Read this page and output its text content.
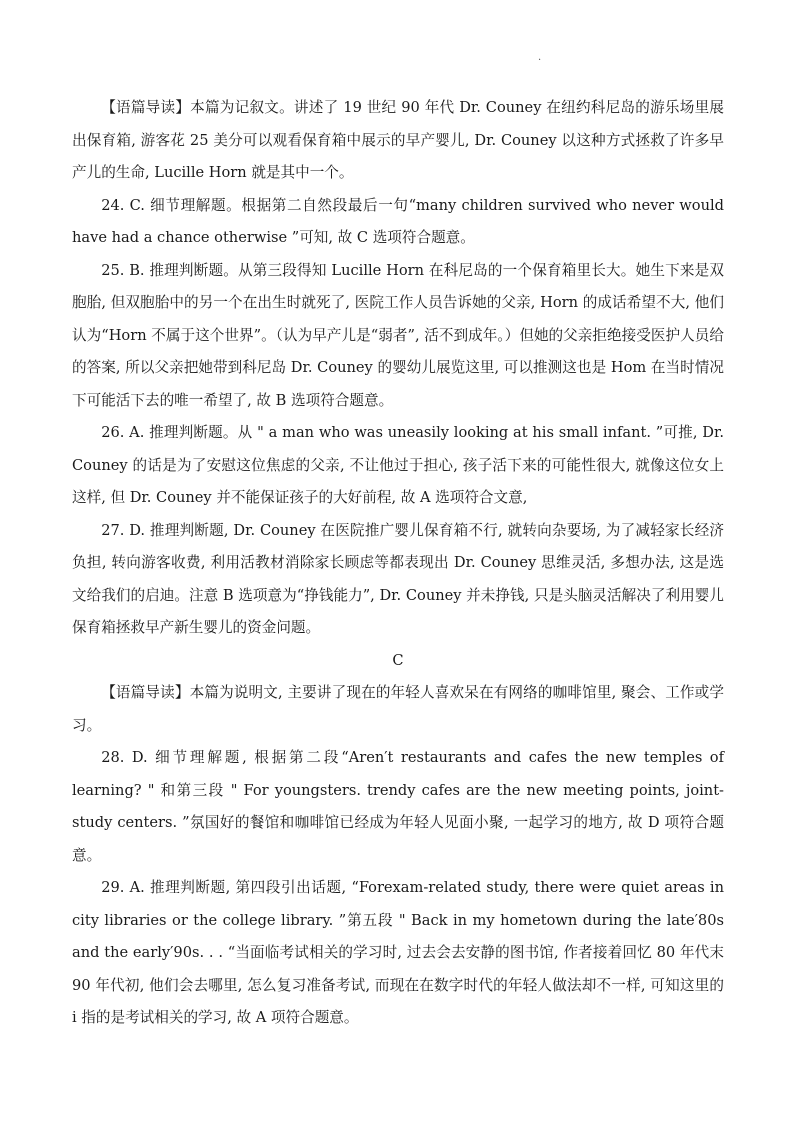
.

【语篇导读】本篇为记叙文。讲述了 19 世纪 90 年代 Dr. Couney 在纽约科尼岛的游乐场里展出保育箱, 游客花 25 美分可以观看保育箱中展示的早产婴儿, Dr. Couney 以这种方式拯救了许多早产儿的生命, Lucille Horn 就是其中一个。

24. C. 细节理解题。根据第二自然段最后一句“many children survived who never would have had a chance otherwise ”可知, 故 C 选项符合题意。

25. B. 推理判断题。从第三段得知 Lucille Horn 在科尼岛的一个保育箱里长大。她生下来是双胞胎, 但双胞胎中的另一个在出生时就死了, 医院工作人员告诉她的父亲, Horn 的成话希望不大, 他们认为“Horn 不属于这个世界”。（认为早产儿是“弱者”, 活不到成年。）但她的父亲拒绝接受医护人员给的答案, 所以父亲把她带到科尼岛 Dr. Couney 的婴幼儿展览这里, 可以推测这也是 Hom 在当时情况下可能活下去的唯一希望了, 故 B 选项符合题意。

26. A. 推理判断题。从 " a man who was uneasily looking at his small infant. ”可推, Dr. Couney 的话是为了安慰这位焦虑的父亲, 不让他过于担心, 孩子活下来的可能性很大, 就像这位女上这样, 但 Dr. Couney 并不能保证孩子的大好前程, 故 A 选项符合文意,

27. D. 推理判断题, Dr. Couney 在医院推广婴儿保育箱不行, 就转向杂要场, 为了减轻家长经济负担, 转向游客收费, 利用活教材消除家长顾虑等都表现出 Dr. Couney 思维灵活, 多想办法, 这是选文给我们的启迪。注意 B 选项意为“挣钱能力”, Dr. Couney 并未挣钱, 只是头脑灵活解决了利用婴儿保育箱拯救早产新生婴儿的资金问题。

C

【语篇导读】本篇为说明文, 主要讲了现在的年轻人喜欢呆在有网络的咖啡馆里, 聚会、工作或学习。

28. D. 细节理解题, 根据第二段“Aren′t restaurants and cafes the new temples of learning? " 和第三段 " For youngsters. trendy cafes are the new meeting points, joint-study centers. ”氛国好的餐馆和咖啡馆已经成为年轻人见面小聚, 一起学习的地方, 故 D 项符合题意。

29. A. 推理判断题, 第四段引出话题, “Forexam-related study, there were quiet areas in city libraries or the college library. ”第五段 " Back in my hometown during the late′80s and the early′90s. . . “当面临考试相关的学习时, 过去会去安静的图书馆, 作者接着回忆 80 年代末 90 年代初, 他们会去哪里, 怎么复习准备考试, 而现在在数字时代的年轻人做法却不一样, 可知这里的 i 指的是考试相关的学习, 故 A 项符合题意。
